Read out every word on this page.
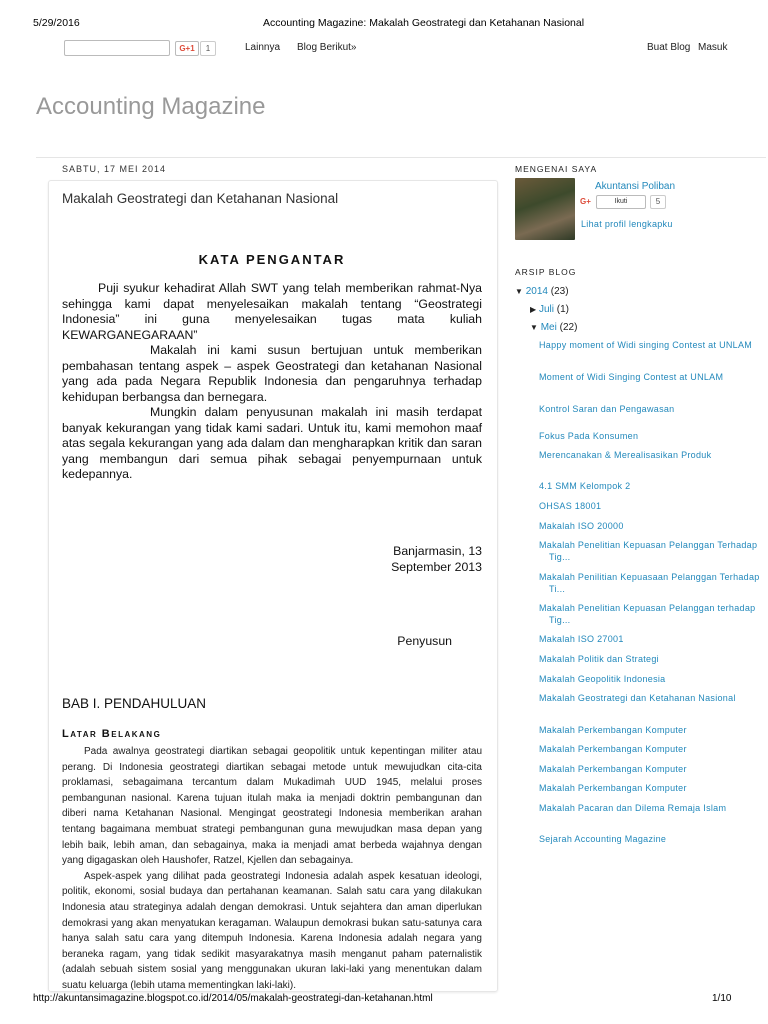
5/29/2016	Accounting Magazine: Makalah Geostrategi dan Ketahanan Nasional
G+1	1	Lainnya Blog Berikut»	Buat Blog Masuk
Accounting Magazine
SABTU, 17 MEI 2014
Makalah Geostrategi dan Ketahanan Nasional
KATA PENGANTAR

Puji syukur kehadirat Allah SWT yang telah memberikan rahmat-Nya sehingga kami dapat menyelesaikan makalah tentang “Geostrategi Indonesia” ini guna menyelesaikan tugas mata kuliah KEWARGANEGARAAN”

Makalah ini kami susun bertujuan untuk memberikan pembahasan tentang aspek – aspek Geostrategi dan ketahanan Nasional yang ada pada Negara Republik Indonesia dan pengaruhnya terhadap kehidupan berbangsa dan bernegara.

Mungkin dalam penyusunan makalah ini masih terdapat banyak kekurangan yang tidak kami sadari. Untuk itu, kami memohon maaf atas segala kekurangan yang ada dalam dan mengharapkan kritik dan saran yang membangun dari semua pihak sebagai penyempurnaan untuk kedepannya.

Banjarmasin, 13
September 2013
Penyusun
BAB I. PENDAHULUAN
Latar Belakang

Pada awalnya geostrategi diartikan sebagai geopolitik untuk kepentingan militer atau perang. Di Indonesia geostrategi diartikan sebagai metode untuk mewujudkan cita-cita proklamasi, sebagaimana tercantum dalam Mukadimah UUD 1945, melalui proses pembangunan nasional. Karena tujuan itulah maka ia menjadi doktrin pembangunan dan diberi nama Ketahanan Nasional. Mengingat geostrategi Indonesia memberikan arahan tentang bagaimana membuat strategi pembangunan guna mewujudkan masa depan yang lebih baik, lebih aman, dan sebagainya, maka ia menjadi amat berbeda wajahnya dengan yang digagaskan oleh Haushofer, Ratzel, Kjellen dan sebagainya.

Aspek-aspek yang dilihat pada geostrategi Indonesia adalah aspek kesatuan ideologi, politik, ekonomi, sosial budaya dan pertahanan keamanan. Salah satu cara yang dilakukan Indonesia atau strateginya adalah dengan demokrasi. Untuk sejahtera dan aman diperlukan demokrasi yang akan menyatukan keragaman. Walaupun demokrasi bukan satu-satunya cara hanya salah satu cara yang ditempuh Indonesia. Karena Indonesia adalah negara yang beraneka ragam, yang tidak sedikit masyarakatnya masih menganut paham paternalistik (adalah sebuah sistem sosial yang menggunakan ukuran laki-laki yang menentukan dalam suatu keluarga (lebih utama mementingkan laki-laki).

MENGENAI SAYA
Akuntansi Poliban
G+	Ikuti	5
Lihat profil lengkapku
ARSIP BLOG
▼ 2014 (23)
▶ Juli (1)
▼ Mei (22)
Happy moment of Widi singing Contest at UNLAM
Moment of Widi Singing Contest at UNLAM
Kontrol Saran dan Pengawasan
Fokus Pada Konsumen
Merencanakan & Merealisasikan Produk
4.1 SMM Kelompok 2
OHSAS 18001
Makalah ISO 20000
Makalah Penelitian Kepuasan Pelanggan Terhadap Tig...
Makalah Penilitian Kepuasaan Pelanggan Terhadap Ti...
Makalah Penelitian Kepuasan Pelanggan terhadap Tig...
Makalah ISO 27001
Makalah Politik dan Strategi
Makalah Geopolitik Indonesia
Makalah Geostrategi dan Ketahanan Nasional
Makalah Perkembangan Komputer
Makalah Perkembangan Komputer
Makalah Perkembangan Komputer
Makalah Perkembangan Komputer
Makalah Pacaran dan Dilema Remaja Islam
Sejarah Accounting Magazine
http://akuntansimagazine.blogspot.co.id/2014/05/makalah-geostrategi-dan-ketahanan.html	1/10
